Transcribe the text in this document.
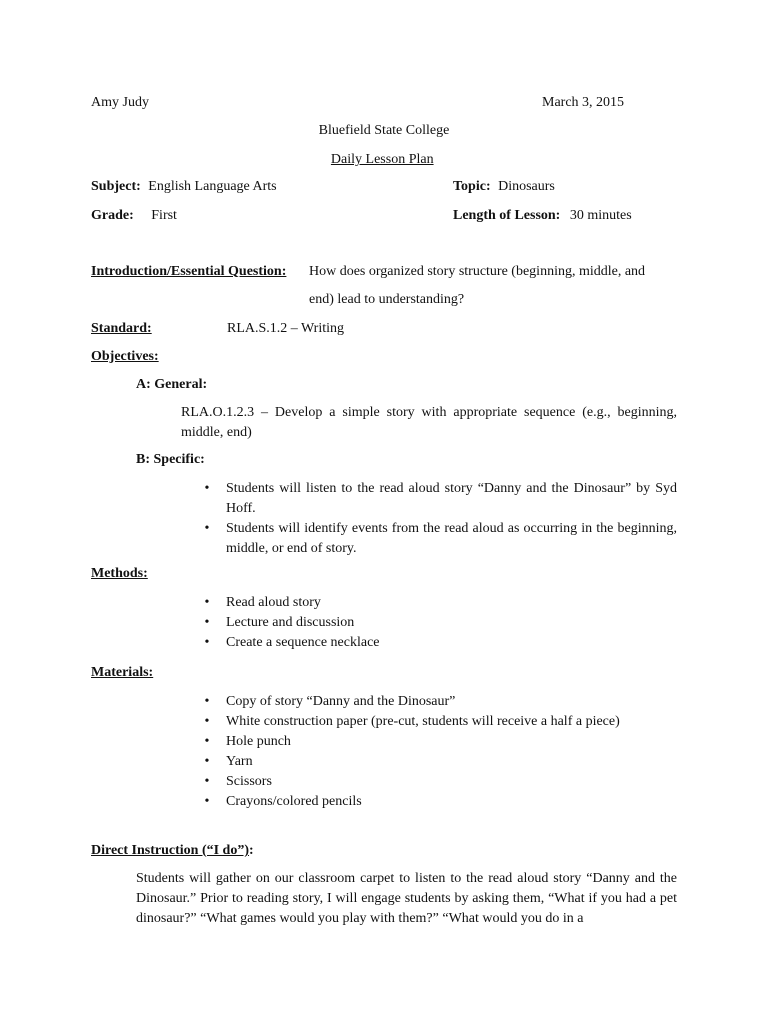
Amy Judy	March 3, 2015
Bluefield State College
Daily Lesson Plan
Subject: English Language Arts	Topic: Dinosaurs
Grade: First	Length of Lesson: 30 minutes
Introduction/Essential Question: How does organized story structure (beginning, middle, and
end) lead to understanding?
Standard:	RLA.S.1.2 – Writing
Objectives:
A: General:
RLA.O.1.2.3 – Develop a simple story with appropriate sequence (e.g., beginning, middle, end)
B: Specific:
• Students will listen to the read aloud story “Danny and the Dinosaur” by Syd Hoff.
• Students will identify events from the read aloud as occurring in the beginning, middle, or end of story.
Methods:
• Read aloud story
• Lecture and discussion
• Create a sequence necklace
Materials:
• Copy of story “Danny and the Dinosaur”
• White construction paper (pre-cut, students will receive a half a piece)
• Hole punch
• Yarn
• Scissors
• Crayons/colored pencils
Direct Instruction (“I do”):
Students will gather on our classroom carpet to listen to the read aloud story “Danny and the Dinosaur.” Prior to reading story, I will engage students by asking them, “What if you had a pet dinosaur?” “What games would you play with them?” “What would you do in a
